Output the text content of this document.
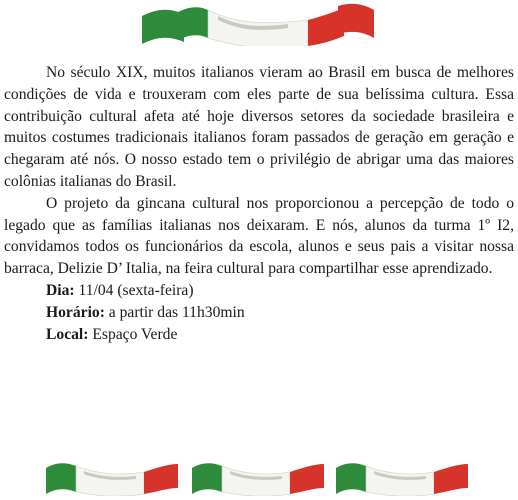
No século XIX, muitos italianos vieram ao Brasil em busca de melhores condições de vida e trouxeram com eles parte de sua belíssima cultura. Essa contribuição cultural afeta até hoje diversos setores da sociedade brasileira e muitos costumes tradicionais italianos foram passados de geração em geração e chegaram até nós. O nosso estado tem o privilégio de abrigar uma das maiores colônias italianas do Brasil.

O projeto da gincana cultural nos proporcionou a percepção de todo o legado que as famílias italianas nos deixaram. E nós, alunos da turma 1º I2, convidamos todos os funcionários da escola, alunos e seus pais a visitar nossa barraca, Delizie D’ Italia, na feira cultural para compartilhar esse aprendizado.

Dia: 11/04 (sexta-feira)

Horário: a partir das 11h30min

Local: Espaço Verde
